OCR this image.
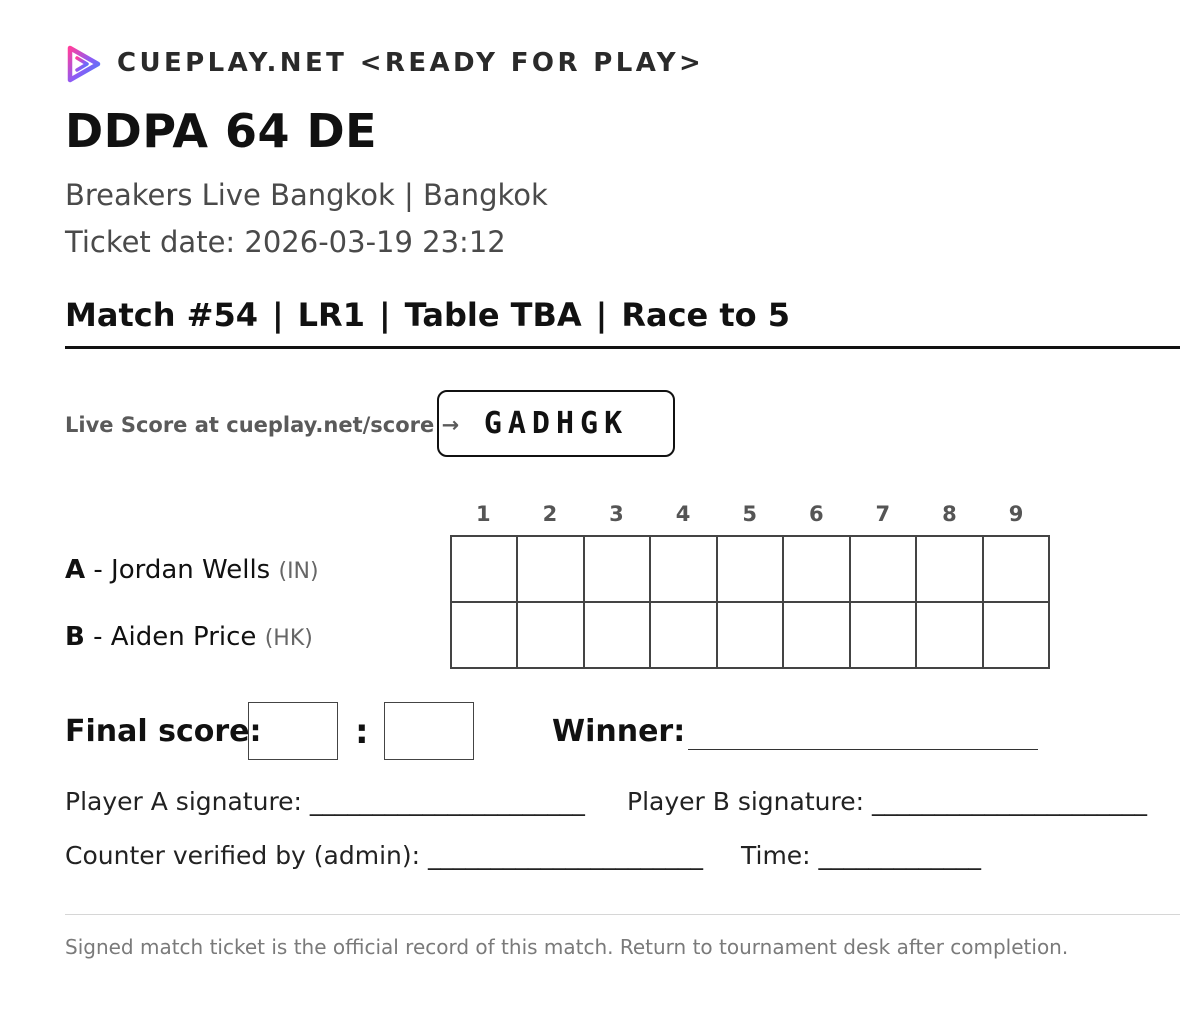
CUEPLAY.NET <READY FOR PLAY>
DDPA 64 DE
Breakers Live Bangkok | Bangkok
Ticket date: 2026-03-19 23:12
Match #54 | LR1 | Table TBA | Race to 5
Live Score at cueplay.net/score → GADHGK
1	2	3	4	5	6	7	8	9
A - Jordan Wells (IN)
B - Aiden Price (HK)

Final score:	:	Winner:
Player A signature: ______________________ Player B signature: ______________________
Counter verified by (admin): ______________________ Time: _____________
Signed match ticket is the official record of this match. Return to tournament desk after completion.
